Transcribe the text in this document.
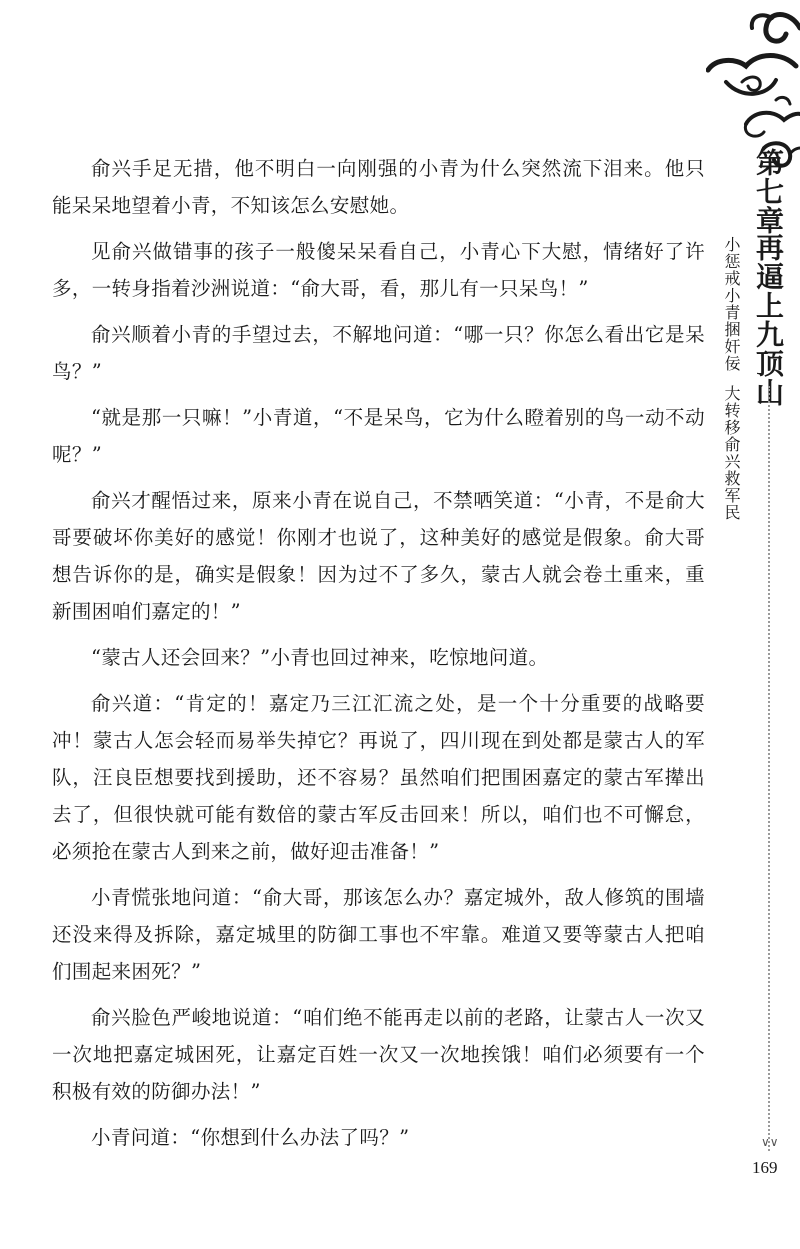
第七章
再逼上九顶山
小惩戒小青捆奸佞
大转移俞兴救军民

俞兴手足无措，他不明白一向刚强的小青为什么突然流下泪来。他只能呆呆地望着小青，不知该怎么安慰她。

见俞兴做错事的孩子一般傻呆呆看自己，小青心下大慰，情绪好了许多，一转身指着沙洲说道：“俞大哥，看，那儿有一只呆鸟！”

俞兴顺着小青的手望过去，不解地问道：“哪一只？你怎么看出它是呆鸟？”

“就是那一只嘛！”小青道，“不是呆鸟，它为什么瞪着别的鸟一动不动呢？”

俞兴才醒悟过来，原来小青在说自己，不禁哂笑道：“小青，不是俞大哥要破坏你美好的感觉！你刚才也说了，这种美好的感觉是假象。俞大哥想告诉你的是，确实是假象！因为过不了多久，蒙古人就会卷土重来，重新围困咱们嘉定的！”

“蒙古人还会回来？”小青也回过神来，吃惊地问道。

俞兴道：“肯定的！嘉定乃三江汇流之处，是一个十分重要的战略要冲！蒙古人怎会轻而易举失掉它？再说了，四川现在到处都是蒙古人的军队，汪良臣想要找到援助，还不容易？虽然咱们把围困嘉定的蒙古军撵出去了，但很快就可能有数倍的蒙古军反击回来！所以，咱们也不可懈怠，必须抢在蒙古人到来之前，做好迎击准备！”

小青慌张地问道：“俞大哥，那该怎么办？嘉定城外，敌人修筑的围墙还没来得及拆除，嘉定城里的防御工事也不牢靠。难道又要等蒙古人把咱们围起来困死？”

俞兴脸色严峻地说道：“咱们绝不能再走以前的老路，让蒙古人一次又一次地把嘉定城困死，让嘉定百姓一次又一次地挨饿！咱们必须要有一个积极有效的防御办法！”

小青问道：“你想到什么办法了吗？”	∨∨
169
